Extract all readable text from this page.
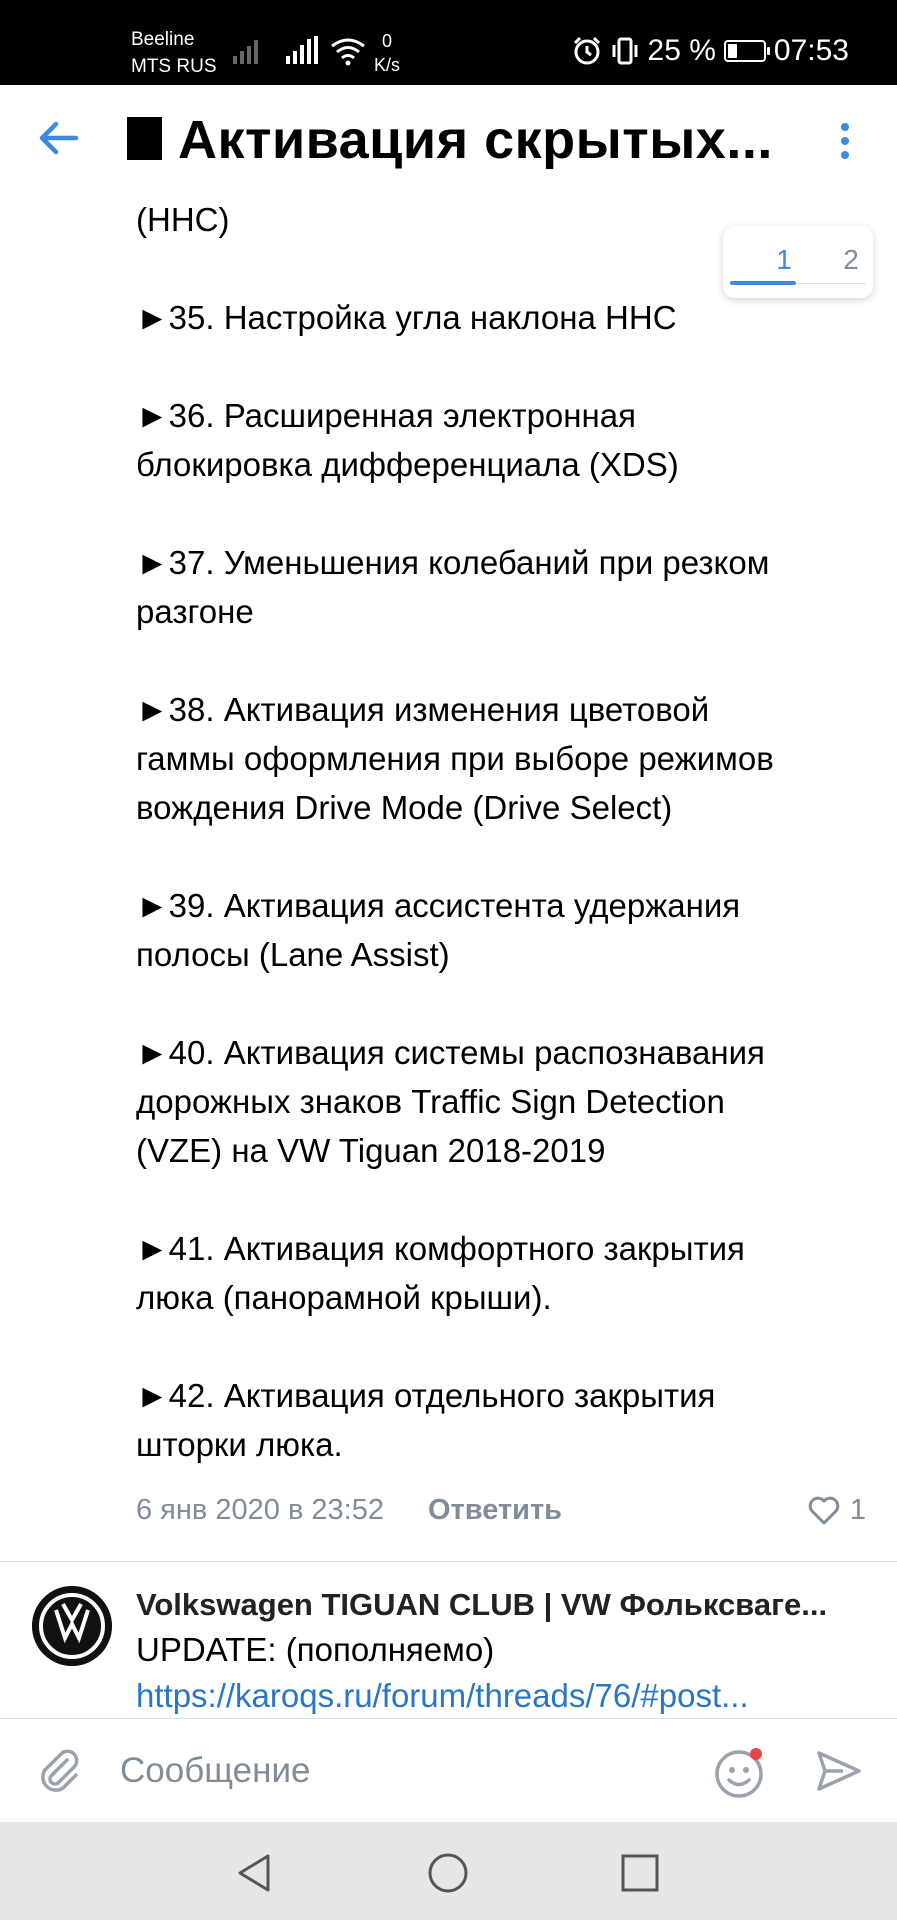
Beeline
MTS RUS
0
K/s	25 % 07:53
Активация скрытых...

(HHC)

►35. Настройка угла наклона HHC

►36. Расширенная электронная

блокировка дифференциала (XDS)

►37. Уменьшения колебаний при резком

разгоне

►38. Активация изменения цветовой

гаммы оформления при выборе режимов

вождения Drive Mode (Drive Select)

►39. Активация ассистента удержания

полосы (Lane Assist)

►40. Активация системы распознавания

дорожных знаков Traffic Sign Detection

(VZE) на VW Tiguan 2018-2019

►41. Активация комфортного закрытия

люка (панорамной крыши).

►42. Активация отдельного закрытия

шторки люка.

1	2
6 янв 2020 в 23:52 Ответить	1
Volkswagen TIGUAN CLUB | VW Фольксваге...
UPDATE: (пополняемо)
https://karoqs.ru/forum/threads/76/#post...
Сообщение
